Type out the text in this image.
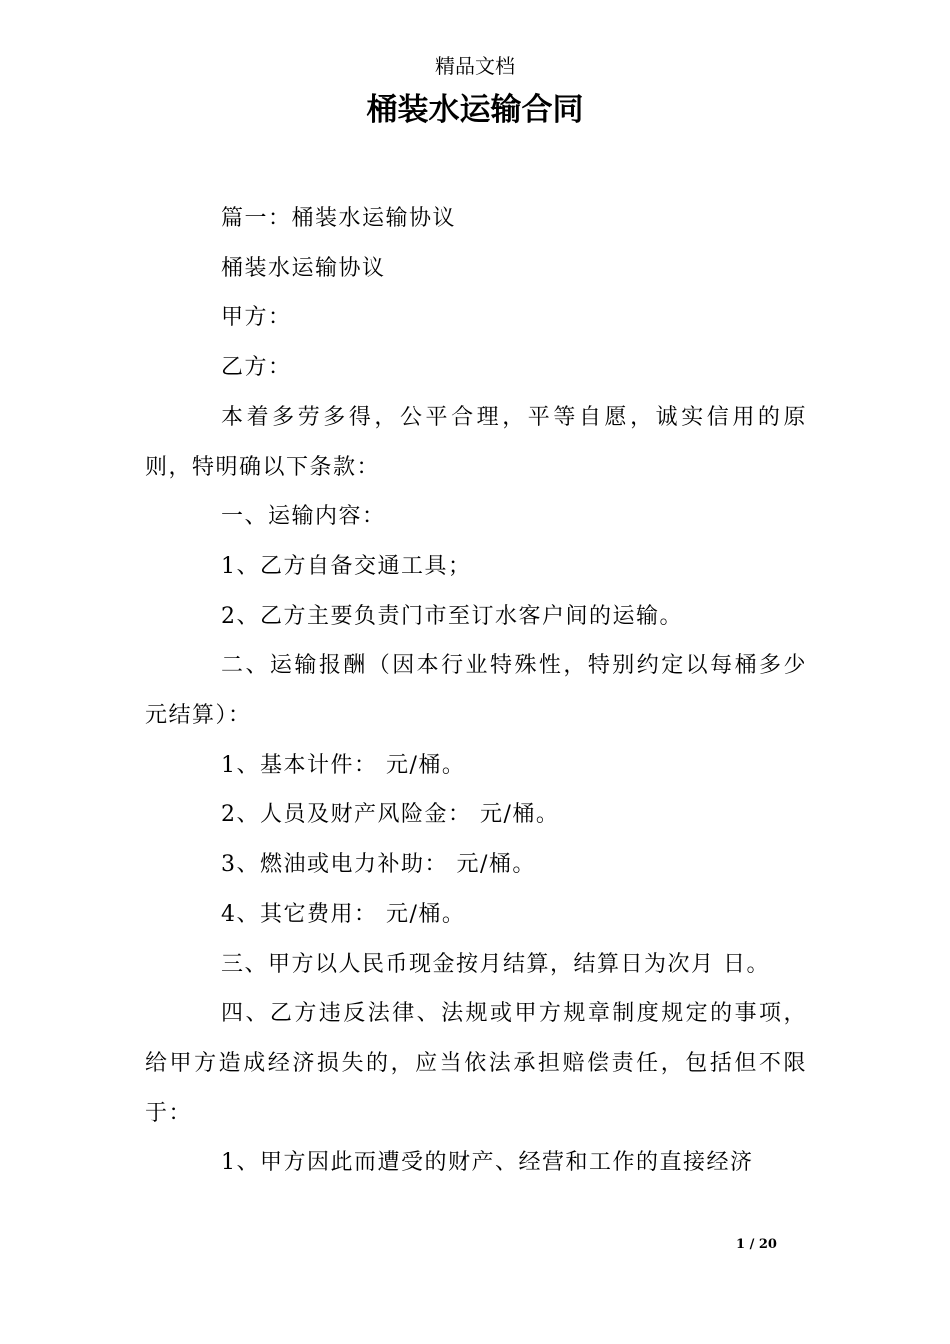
精品文档
桶装水运输合同

篇一：桶装水运输协议

桶装水运输协议

甲方：

乙方：

本着多劳多得，公平合理，平等自愿，诚实信用的原则，特明确以下条款：

一、运输内容：

1、乙方自备交通工具；

2、乙方主要负责门市至订水客户间的运输。

二、运输报酬（因本行业特殊性，特别约定以每桶多少元结算）：

1、基本计件： 元/桶。

2、人员及财产风险金： 元/桶。

3、燃油或电力补助： 元/桶。

4、其它费用： 元/桶。

三、甲方以人民币现金按月结算，结算日为次月 日。

四、乙方违反法律、法规或甲方规章制度规定的事项，给甲方造成经济损失的，应当依法承担赔偿责任，包括但不限于：

1、甲方因此而遭受的财产、经营和工作的直接经济

1 / 20
